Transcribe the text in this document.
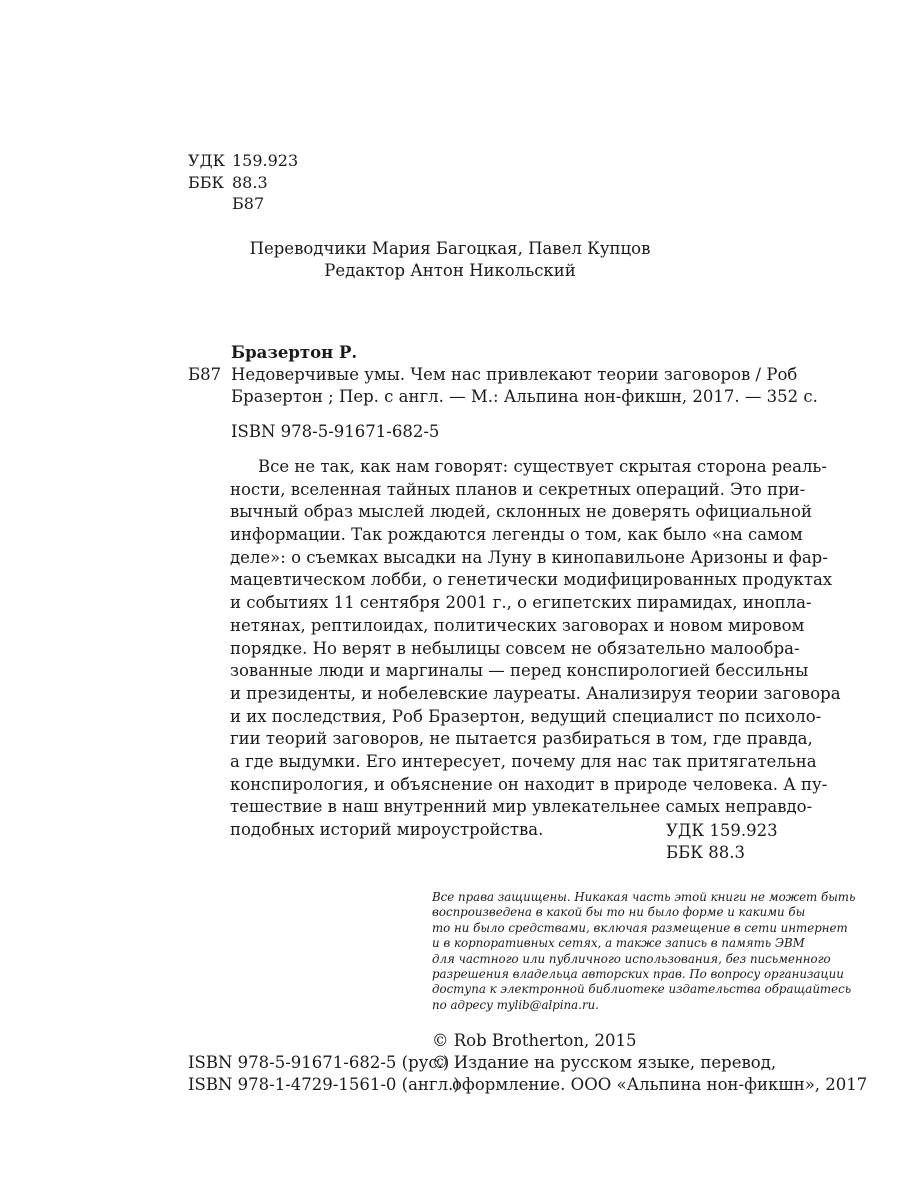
УДК 159.923
ББК 88.3
Б87
Переводчики Мария Багоцкая, Павел Купцов
Редактор Антон Никольский
Бразертон Р.
Б87 Недоверчивые умы. Чем нас привлекают теории заговоров / Роб
Бразертон ; Пер. с англ. — М.: Альпина нон-фикшн, 2017. — 352 с.
ISBN 978-5-91671-682-5
Все не так, как нам говорят: существует скрытая сторона реаль-
ности, вселенная тайных планов и секретных операций. Это при-
вычный образ мыслей людей, склонных не доверять официальной
информации. Так рождаются легенды о том, как было «на самом
деле»: о съемках высадки на Луну в кинопавильоне Аризоны и фар-
мацевтическом лобби, о генетически модифицированных продуктах
и событиях 11 сентября 2001 г., о египетских пирамидах, инопла-
нетянах, рептилоидах, политических заговорах и новом мировом
порядке. Но верят в небылицы совсем не обязательно малообра-
зованные люди и маргиналы — перед конспирологией бессильны
и президенты, и нобелевские лауреаты. Анализируя теории заговора
и их последствия, Роб Бразертон, ведущий специалист по психоло-
гии теорий заговоров, не пытается разбираться в том, где правда,
а где выдумки. Его интересует, почему для нас так притягательна
конспирология, и объяснение он находит в природе человека. А пу-
тешествие в наш внутренний мир увлекательнее самых неправдо-
подобных историй мироустройства.	УДК 159.923
ББК 88.3
Все права защищены. Никакая часть этой книги не может быть
воспроизведена в какой бы то ни было форме и какими бы
то ни было средствами, включая размещение в сети интернет
и в корпоративных сетях, а также запись в память ЭВМ
для частного или публичного использования, без письменного
разрешения владельца авторских прав. По вопросу организации
доступа к электронной библиотеке издательства обращайтесь
по адресу mylib@alpina.ru.
© Rob Brotherton, 2015
© Издание на русском языке, перевод,
оформление. ООО «Альпина нон-фикшн», 2017
ISBN 978-5-91671-682-5 (рус.)
ISBN 978-1-4729-1561-0 (англ.)
